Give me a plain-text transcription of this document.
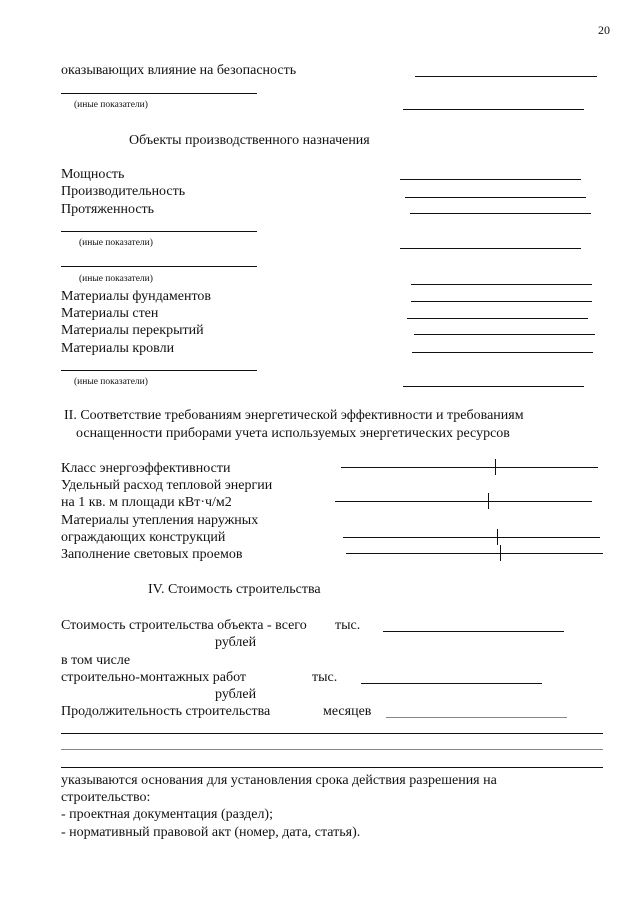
20
оказывающих влияние на безопасность
(иные показатели)
Объекты производственного назначения
Мощность
Производительность
Протяженность
(иные показатели)
(иные показатели)
Материалы фундаментов
Материалы стен
Материалы перекрытий
Материалы кровли
(иные показатели)
II. Соответствие требованиям энергетической эффективности и требованиям
оснащенности приборами учета используемых энергетических ресурсов
Класс энергоэффективности
Удельный расход тепловой энергии
на 1 кв. м площади кВт·ч/м2
Материалы утепления наружных
ограждающих конструкций
Заполнение световых проемов
IV. Стоимость строительства
Стоимость строительства объекта - всего тыс.
рублей
в том числе
строительно-монтажных работ	тыс.
рублей
Продолжительность строительства	месяцев
указываются основания для установления срока действия разрешения на
строительство:
- проектная документация (раздел);
- нормативный правовой акт (номер, дата, статья).
